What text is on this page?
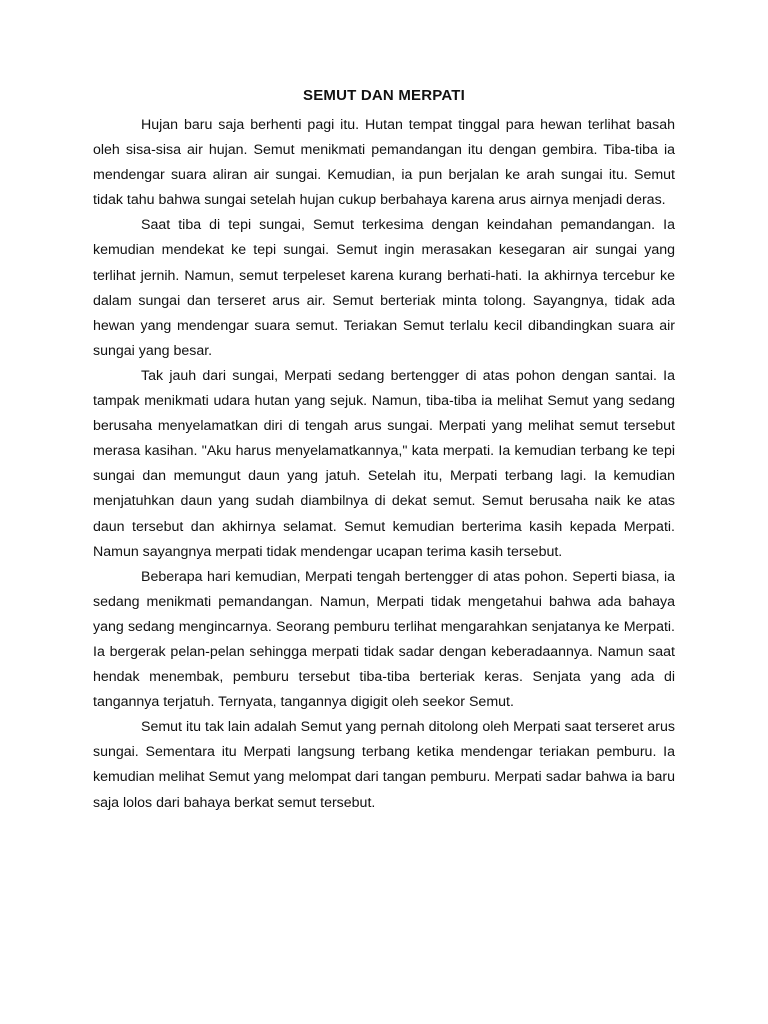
SEMUT DAN MERPATI

Hujan baru saja berhenti pagi itu. Hutan tempat tinggal para hewan terlihat basah oleh sisa-sisa air hujan. Semut menikmati pemandangan itu dengan gembira. Tiba-tiba ia mendengar suara aliran air sungai. Kemudian, ia pun berjalan ke arah sungai itu. Semut tidak tahu bahwa sungai setelah hujan cukup berbahaya karena arus airnya menjadi deras.

Saat tiba di tepi sungai, Semut terkesima dengan keindahan pemandangan. Ia kemudian mendekat ke tepi sungai. Semut ingin merasakan kesegaran air sungai yang terlihat jernih. Namun, semut terpeleset karena kurang berhati-hati. Ia akhirnya tercebur ke dalam sungai dan terseret arus air. Semut berteriak minta tolong. Sayangnya, tidak ada hewan yang mendengar suara semut. Teriakan Semut terlalu kecil dibandingkan suara air sungai yang besar.

Tak jauh dari sungai, Merpati sedang bertengger di atas pohon dengan santai. Ia tampak menikmati udara hutan yang sejuk. Namun, tiba-tiba ia melihat Semut yang sedang berusaha menyelamatkan diri di tengah arus sungai. Merpati yang melihat semut tersebut merasa kasihan. "Aku harus menyelamatkannya," kata merpati. Ia kemudian terbang ke tepi sungai dan memungut daun yang jatuh. Setelah itu, Merpati terbang lagi. Ia kemudian menjatuhkan daun yang sudah diambilnya di dekat semut. Semut berusaha naik ke atas daun tersebut dan akhirnya selamat. Semut kemudian berterima kasih kepada Merpati. Namun sayangnya merpati tidak mendengar ucapan terima kasih tersebut.

Beberapa hari kemudian, Merpati tengah bertengger di atas pohon. Seperti biasa, ia sedang menikmati pemandangan. Namun, Merpati tidak mengetahui bahwa ada bahaya yang sedang mengincarnya. Seorang pemburu terlihat mengarahkan senjatanya ke Merpati. Ia bergerak pelan-pelan sehingga merpati tidak sadar dengan keberadaannya. Namun saat hendak menembak, pemburu tersebut tiba-tiba berteriak keras. Senjata yang ada di tangannya terjatuh. Ternyata, tangannya digigit oleh seekor Semut.

Semut itu tak lain adalah Semut yang pernah ditolong oleh Merpati saat terseret arus sungai. Sementara itu Merpati langsung terbang ketika mendengar teriakan pemburu. Ia kemudian melihat Semut yang melompat dari tangan pemburu. Merpati sadar bahwa ia baru saja lolos dari bahaya berkat semut tersebut.
